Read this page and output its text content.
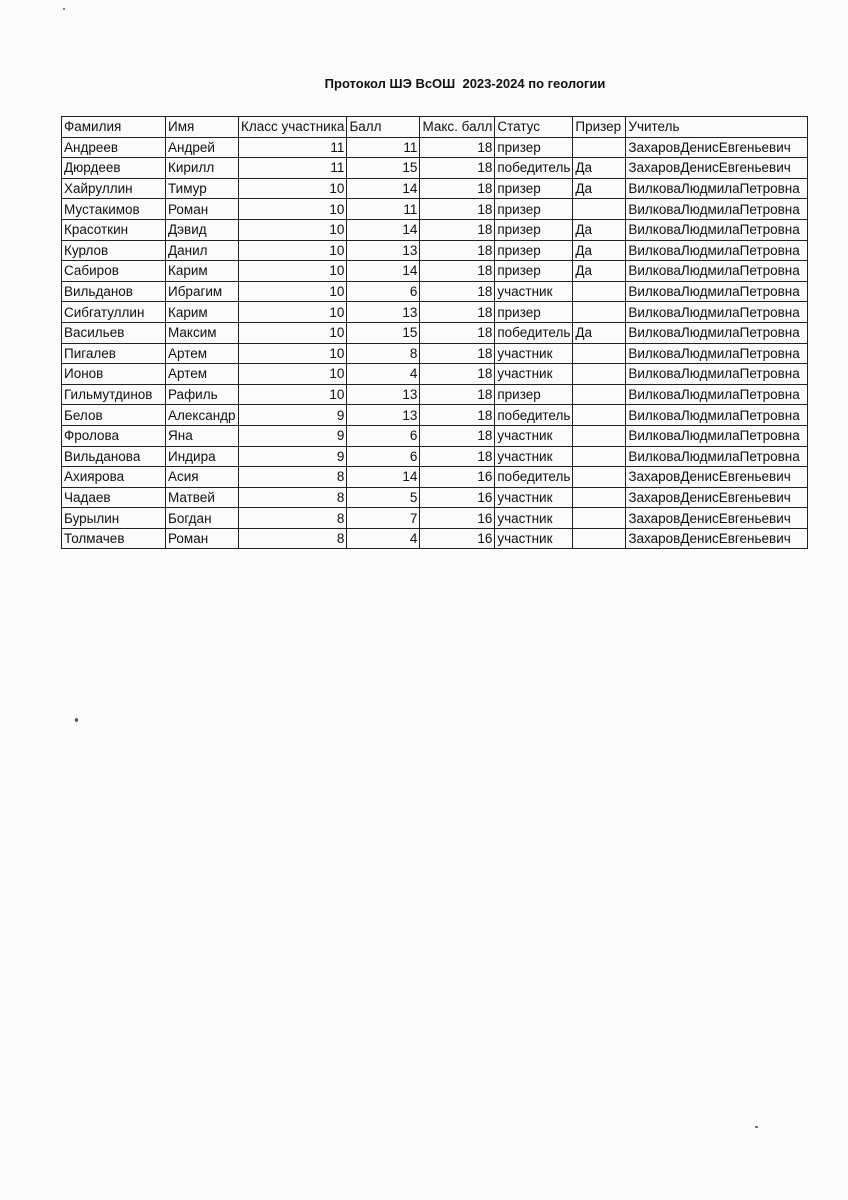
Протокол ШЭ ВсОШ  2023-2024 по геологии
Фамилия	Имя	Класс участника	Балл	Макс. балл	Статус	Призер	Учитель
Андреев	Андрей	11	11	18	призер		ЗахаровДенисЕвгеньевич
Дюрдеев	Кирилл	11	15	18	победитель	Да	ЗахаровДенисЕвгеньевич
Хайруллин	Тимур	10	14	18	призер	Да	ВилковаЛюдмилаПетровна
Мустакимов	Роман	10	11	18	призер		ВилковаЛюдмилаПетровна
Красоткин	Дэвид	10	14	18	призер	Да	ВилковаЛюдмилаПетровна
Курлов	Данил	10	13	18	призер	Да	ВилковаЛюдмилаПетровна
Сабиров	Карим	10	14	18	призер	Да	ВилковаЛюдмилаПетровна
Вильданов	Ибрагим	10	6	18	участник		ВилковаЛюдмилаПетровна
Сибгатуллин	Карим	10	13	18	призер		ВилковаЛюдмилаПетровна
Васильев	Максим	10	15	18	победитель	Да	ВилковаЛюдмилаПетровна
Пигалев	Артем	10	8	18	участник		ВилковаЛюдмилаПетровна
Ионов	Артем	10	4	18	участник		ВилковаЛюдмилаПетровна
Гильмутдинов	Рафиль	10	13	18	призер		ВилковаЛюдмилаПетровна
Белов	Александр	9	13	18	победитель		ВилковаЛюдмилаПетровна
Фролова	Яна	9	6	18	участник		ВилковаЛюдмилаПетровна
Вильданова	Индира	9	6	18	участник		ВилковаЛюдмилаПетровна
Ахиярова	Асия	8	14	16	победитель		ЗахаровДенисЕвгеньевич
Чадаев	Матвей	8	5	16	участник		ЗахаровДенисЕвгеньевич
Бурылин	Богдан	8	7	16	участник		ЗахаровДенисЕвгеньевич
Толмачев	Роман	8	4	16	участник		ЗахаровДенисЕвгеньевич
